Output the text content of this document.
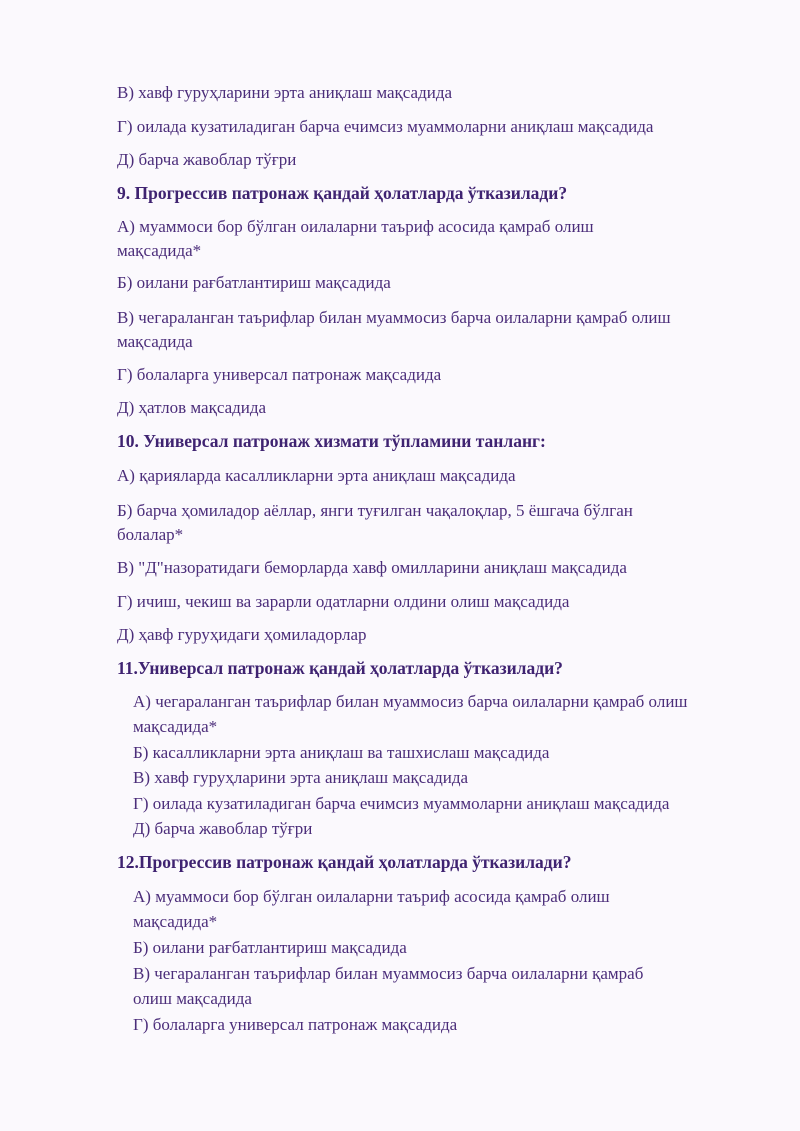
В) хавф гуруҳларини эрта аниқлаш мақсадида
Г) оилада кузатиладиган барча ечимсиз муаммоларни аниқлаш мақсадида
Д) барча жавоблар тўғри
9. Прогрессив патронаж қандай ҳолатларда ўтказилади?
А) муаммоси бор бўлган оилаларни таъриф асосида қамраб олиш
мақсадида*
Б) оилани рағбатлантириш мақсадида
В) чегараланган таърифлар билан муаммосиз барча оилаларни қамраб олиш
мақсадида
Г) болаларга универсал патронаж мақсадида
Д) ҳатлов мақсадида
10. Универсал патронаж хизмати тўпламини танланг:
А) қарияларда касалликларни эрта аниқлаш мақсадида
Б) барча ҳомиладор аёллар, янги туғилган чақалоқлар, 5 ёшгача бўлган
болалар*
В) "Д"назоратидаги беморларда хавф омилларини аниқлаш мақсадида
Г) ичиш, чекиш ва зарарли одатларни олдини олиш мақсадида
Д) ҳавф гуруҳидаги ҳомиладорлар
11.Универсал патронаж қандай ҳолатларда ўтказилади?
А) чегараланган таърифлар билан муаммосиз барча оилаларни қамраб олиш
мақсадида*
Б) касалликларни эрта аниқлаш ва ташхислаш мақсадида
В) хавф гуруҳларини эрта аниқлаш мақсадида
Г) оилада кузатиладиган барча ечимсиз муаммоларни аниқлаш мақсадида
Д) барча жавоблар тўғри
12.Прогрессив патронаж қандай ҳолатларда ўтказилади?
А) муаммоси бор бўлган оилаларни таъриф асосида қамраб олиш
мақсадида*
Б) оилани рағбатлантириш мақсадида
В) чегараланган таърифлар билан муаммосиз барча оилаларни қамраб
олиш мақсадида
Г) болаларга универсал патронаж мақсадида
